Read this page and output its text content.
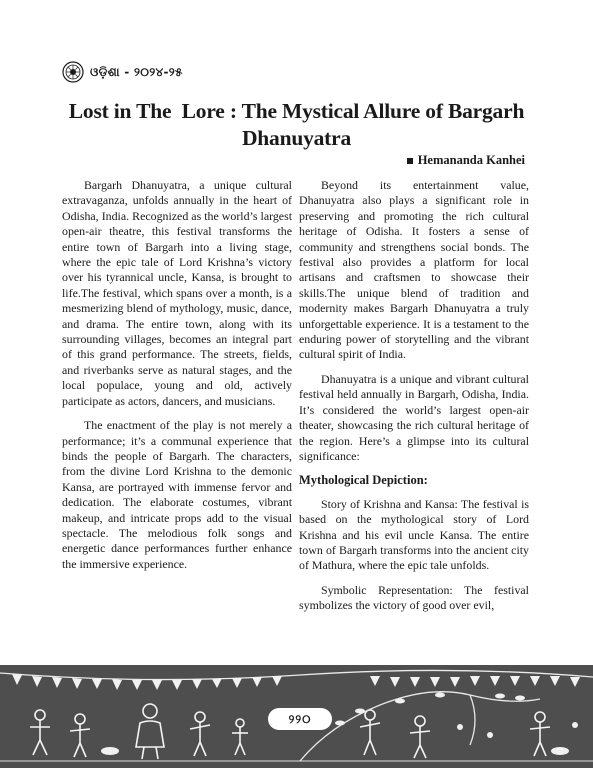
ଓଡ଼ିଶା - ୨୦୨୪-୨୫
Lost in The  Lore : The Mystical Allure of Bargarh
Dhanuyatra
Hemananda Kanhei

Bargarh Dhanuyatra, a unique cultural extravaganza, unfolds annually in the heart of Odisha, India. Recognized as the world’s largest open-air theatre, this festival transforms the entire town of Bargarh into a living stage, where the epic tale of Lord Krishna’s victory over his tyrannical uncle, Kansa, is brought to life.The festival, which spans over a month, is a mesmerizing blend of mythology, music, dance, and drama. The entire town, along with its surrounding villages, becomes an integral part of this grand performance. The streets, fields, and riverbanks serve as natural stages, and the local populace, young and old, actively participate as actors, dancers, and musicians.

The enactment of the play is not merely a performance; it’s a communal experience that binds the people of Bargarh. The characters, from the divine Lord Krishna to the demonic Kansa, are portrayed with immense fervor and dedication. The elaborate costumes, vibrant makeup, and intricate props add to the visual spectacle. The melodious folk songs and energetic dance performances further enhance the immersive experience.

Beyond its entertainment value, Dhanuyatra also plays a significant role in preserving and promoting the rich cultural heritage of Odisha. It fosters a sense of community and strengthens social bonds. The festival also provides a platform for local artisans and craftsmen to showcase their skills.The unique blend of tradition and modernity makes Bargarh Dhanuyatra a truly unforgettable experience. It is a testament to the enduring power of storytelling and the vibrant cultural spirit of India.

Dhanuyatra is a unique and vibrant cultural festival held annually in Bargarh, Odisha, India. It’s considered the world’s largest open-air theater, showcasing the rich cultural heritage of the region. Here’s a glimpse into its cultural significance:

Mythological Depiction:

Story of Krishna and Kansa: The festival is based on the mythological story of Lord Krishna and his evil uncle Kansa. The entire town of Bargarh transforms into the ancient city of Mathura, where the epic tale unfolds.

Symbolic Representation: The festival symbolizes the victory of good over evil,

୨୨୦
